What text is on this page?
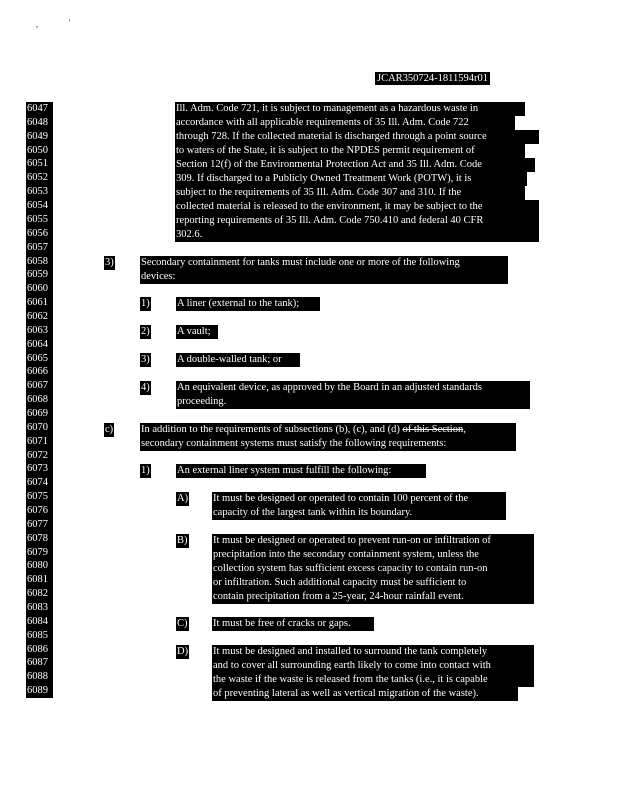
,	'
JCAR350724-1811594r01
6047
6048
6049
6050
6051
6052
6053
6054
6055
6056
6057
6058
6059
6060
6061
6062
6063
6064
6065
6066
6067
6068
6069
6070
6071
6072
6073
6074
6075
6076
6077
6078
6079
6080
6081
6082
6083
6084
6085
6086
6087
6088
6089
Ill. Adm. Code 721, it is subject to management as a hazardous waste in
accordance with all applicable requirements of 35 Ill. Adm. Code 722
through 728. If the collected material is discharged through a point source
to waters of the State, it is subject to the NPDES permit requirement of
Section 12(f) of the Environmental Protection Act and 35 Ill. Adm. Code
309. If discharged to a Publicly Owned Treatment Work (POTW), it is
subject to the requirements of 35 Ill. Adm. Code 307 and 310. If the
collected material is released to the environment, it may be subject to the
reporting requirements of 35 Ill. Adm. Code 750.410 and federal 40 CFR
302.6.
3)	Secondary containment for tanks must include one or more of the following
devices:
1)	A liner (external to the tank);
2)	A vault;
3)	A double-walled tank; or
4)	An equivalent device, as approved by the Board in an adjusted standards
proceeding.
c)	In addition to the requirements of subsections (b), (c), and (d) of this Section,
secondary containment systems must satisfy the following requirements:
1)	An external liner system must fulfill the following:
A) It must be designed or operated to contain 100 percent of the
capacity of the largest tank within its boundary.
B) It must be designed or operated to prevent run-on or infiltration of
precipitation into the secondary containment system, unless the
collection system has sufficient excess capacity to contain run-on
or infiltration. Such additional capacity must be sufficient to
contain precipitation from a 25-year, 24-hour rainfall event.
C) It must be free of cracks or gaps.
D) It must be designed and installed to surround the tank completely
and to cover all surrounding earth likely to come into contact with
the waste if the waste is released from the tanks (i.e., it is capable
of preventing lateral as well as vertical migration of the waste).
